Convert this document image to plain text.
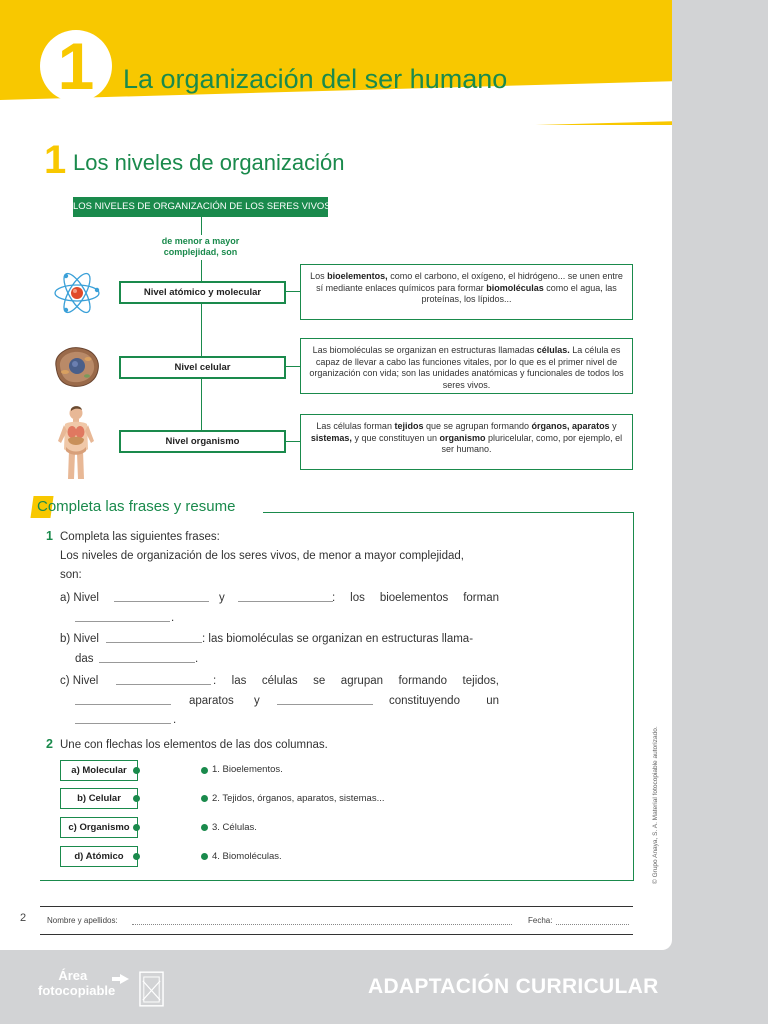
1	La organización del ser humano
1 Los niveles de organización
LOS NIVELES DE ORGANIZACIÓN DE LOS SERES VIVOS
de menor a mayor complejidad, son
Nivel atómico y molecular
Nivel celular
Nivel organismo
Los bioelementos, como el carbono, el oxígeno, el hidrógeno... se unen entre sí mediante enlaces químicos para formar biomoléculas como el agua, las proteínas, los lípidos...
Las biomoléculas se organizan en estructuras llamadas células. La célula es capaz de llevar a cabo las funciones vitales, por lo que es el primer nivel de organización con vida; son las unidades anatómicas y funcionales de todos los seres vivos.
Las células forman tejidos que se agrupan formando órganos, aparatos y sistemas, y que constituyen un organismo pluricelular, como, por ejemplo, el ser humano.
Completa las frases y resume
1 Completa las siguientes frases:
Los niveles de organización de los seres vivos, de menor a mayor complejidad,
son:
a) Nivel	y	: los bioelementos forman
.
b) Nivel	: las biomoléculas se organizan en estructuras llama-
das	.
c) Nivel	: las células se agrupan formando tejidos,
aparatos y	constituyendo un
.
2 Une con flechas los elementos de las dos columnas.
a) Molecular
b) Celular
c) Organismo
d) Atómico
1. Bioelementos.
2. Tejidos, órganos, aparatos, sistemas...
3. Células.
4. Biomoléculas.	© Grupo Anaya, S. A. Material fotocopiable autorizado.
2	Nombre y apellidos:	Fecha:
Área
fotocopiable	ADAPTACIÓN CURRICULAR
